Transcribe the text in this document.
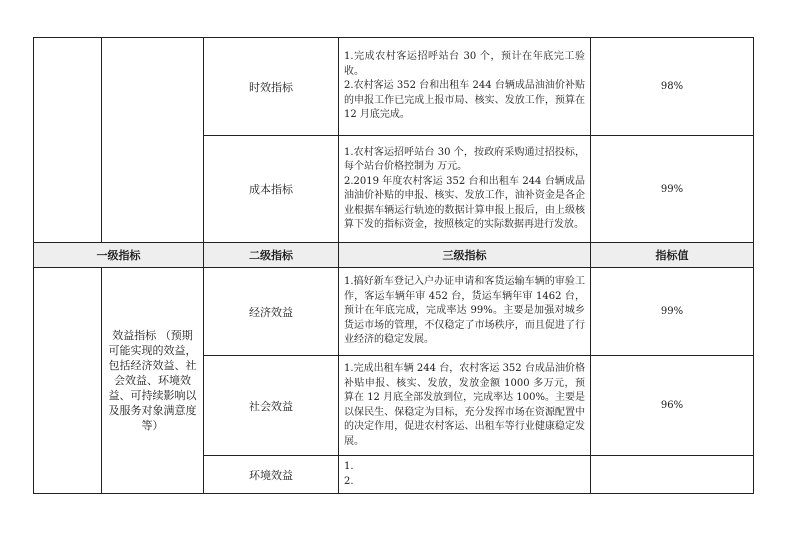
		时效指标	1.完成农村客运招呼站台 30 个，预计在年底完工验收。
2.农村客运 352 台和出租车 244 台辆成品油油价补贴的申报工作已完成上报市局、核实、发放工作，预算在 12 月底完成。	98%
		成本指标	1.农村客运招呼站台 30 个，按政府采购通过招投标，每个站台价格控制为 万元。
2.2019 年度农村客运 352 台和出租车 244 台辆成品油油价补贴的申报、核实、发放工作，油补资金是各企业根据车辆运行轨迹的数据计算申报上报后，由上级核算下发的指标资金，按照核定的实际数据再进行发放。	99%
一级指标		二级指标	三级指标	指标值
	效益指标 （预期可能实现的效益，包括经济效益、社会效益、环境效益、可持续影响以及服务对象满意度等）	经济效益	1.搞好新车登记入户办证申请和客货运输车辆的审验工作，客运车辆年审 452 台，货运车辆年审 1462 台，预计在年底完成，完成率达 99%。主要是加强对城乡货运市场的管理，不仅稳定了市场秩序，而且促进了行业经济的稳定发展。	99%
		社会效益	1.完成出租车辆 244 台，农村客运 352 台成品油价格补贴申报、核实、发放，发放金额 1000 多万元，预算在 12 月底全部发放到位，完成率达 100%。主要是以保民生、保稳定为目标，充分发挥市场在资源配置中的决定作用，促进农村客运、出租车等行业健康稳定发展。	96%
		环境效益	1.
2.	
